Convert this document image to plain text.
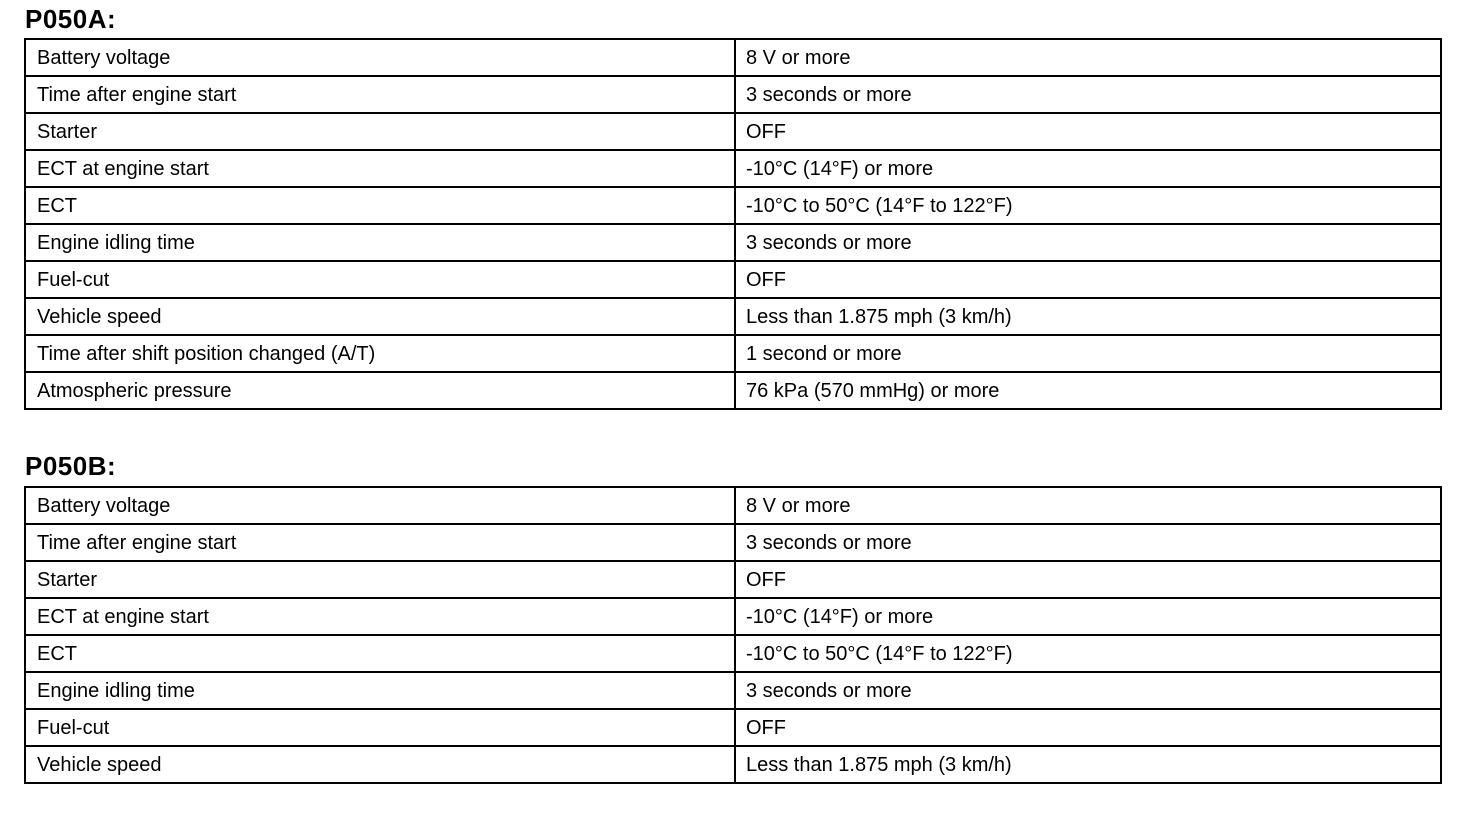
P050A:
Battery voltage	8 V or more
Time after engine start	3 seconds or more
Starter	OFF
ECT at engine start	-10°C (14°F) or more
ECT	-10°C to 50°C (14°F to 122°F)
Engine idling time	3 seconds or more
Fuel-cut	OFF
Vehicle speed	Less than 1.875 mph (3 km/h)
Time after shift position changed (A/T)	1 second or more
Atmospheric pressure	76 kPa (570 mmHg) or more
P050B:
Battery voltage	8 V or more
Time after engine start	3 seconds or more
Starter	OFF
ECT at engine start	-10°C (14°F) or more
ECT	-10°C to 50°C (14°F to 122°F)
Engine idling time	3 seconds or more
Fuel-cut	OFF
Vehicle speed	Less than 1.875 mph (3 km/h)
